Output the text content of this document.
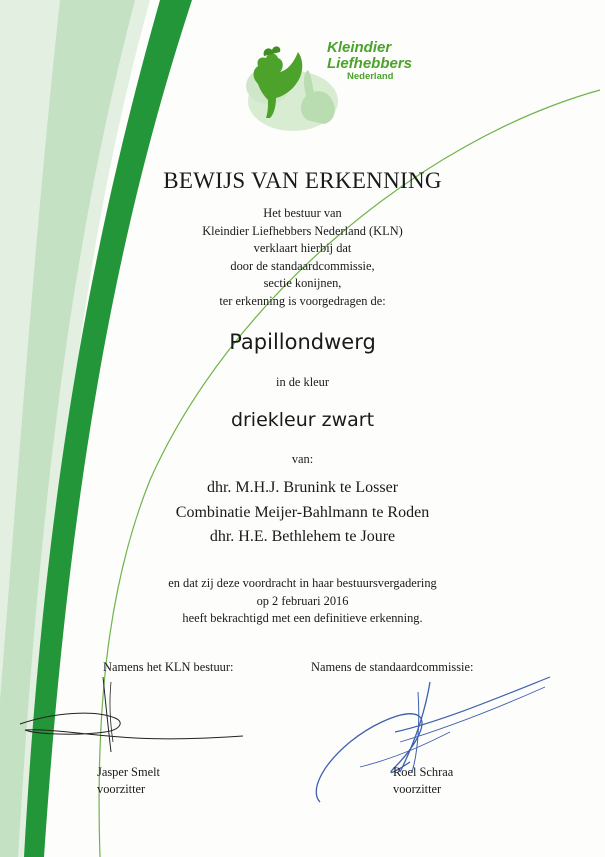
Kleindier
Liefhebbers
Nederland
BEWIJS VAN ERKENNING
Het bestuur van
Kleindier Liefhebbers Nederland (KLN)
verklaart hierbij dat
door de standaardcommissie,
sectie konijnen,
ter erkenning is voorgedragen de:
Papillondwerg
in de kleur
driekleur zwart
van:
dhr. M.H.J. Brunink te Losser
Combinatie Meijer-Bahlmann te Roden
dhr. H.E. Bethlehem te Joure
en dat zij deze voordracht in haar bestuursvergadering
op 2 februari 2016
heeft bekrachtigd met een definitieve erkenning.
Namens het KLN bestuur:	Namens de standaardcommissie:
Jasper Smelt
voorzitter
Roel Schraa
voorzitter
